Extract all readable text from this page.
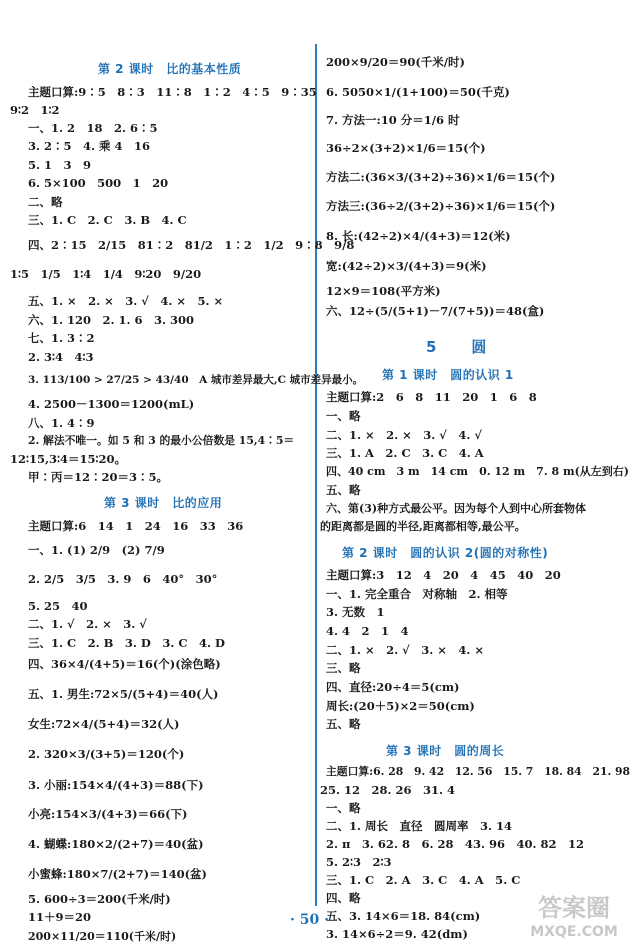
第 2 课时　比的基本性质
主题口算:9∶5　8∶3　11∶8　1∶2　4∶5　9∶35
9∶2　1∶2
一、1. 2　18　2. 6∶5
3. 2∶5　4. 乘 4　16
5. 1　3　9
6. 5×100　500　1　20
二、略
三、1. C　2. C　3. B　4. C
四、2∶15　2/15　81∶2　81/2　1∶2　1/2　9∶8　9/8
1∶5　1/5　1∶4　1/4　9∶20　9/20
五、1. ×　2. ×　3. √　4. ×　5. ×
六、1. 120　2. 1. 6　3. 300
七、1. 3∶2
2. 3∶4　4∶3
3. 113/100 > 27/25 > 43/40　A 城市差异最大,C 城市差异最小。
4. 2500－1300＝1200(mL)
八、1. 4∶9
2. 解法不唯一。如 5 和 3 的最小公倍数是 15,4∶5＝
12∶15,3∶4＝15∶20。
甲∶丙＝12∶20＝3∶5。
第 3 课时　比的应用
主题口算:6　14　1　24　16　33　36
一、1. (1) 2/9　(2) 7/9
2. 2/5　3/5　3. 9　6　40°　30°
5. 25　40
二、1. √　2. ×　3. √
三、1. C　2. B　3. D　3. C　4. D
四、36×4/(4+5)＝16(个)(涂色略)
五、1. 男生:72×5/(5+4)＝40(人)
女生:72×4/(5+4)＝32(人)
2. 320×3/(3+5)＝120(个)
3. 小丽:154×4/(4+3)＝88(下)
小亮:154×3/(4+3)＝66(下)
4. 蝴蝶:180×2/(2+7)＝40(盆)
小蜜蜂:180×7/(2+7)＝140(盆)
5. 600÷3＝200(千米/时)
11＋9＝20
200×11/20＝110(千米/时)
200×9/20＝90(千米/时)
6. 5050×1/(1+100)＝50(千克)
7. 方法一:10 分＝1/6 时
36÷2×(3+2)×1/6＝15(个)
方法二:(36×3/(3+2)÷36)×1/6＝15(个)
方法三:(36÷2/(3+2)÷36)×1/6＝15(个)
8. 长:(42÷2)×4/(4+3)＝12(米)
宽:(42÷2)×3/(4+3)＝9(米)
12×9＝108(平方米)
六、12÷(5/(5+1)－7/(7+5))＝48(盒)
5　圆
第 1 课时　圆的认识 1
主题口算:2　6　8　11　20　1　6　8
一、略
二、1. ×　2. ×　3. √　4. √
三、1. A　2. C　3. C　4. A
四、40 cm　3 m　14 cm　0. 12 m　7. 8 m(从左到右)
五、略
六、第(3)种方式最公平。因为每个人到中心所套物体
的距离都是圆的半径,距离都相等,最公平。
第 2 课时　圆的认识 2(圆的对称性)
主题口算:3　12　4　20　4　45　40　20
一、1. 完全重合　对称轴　2. 相等
3. 无数　1
4. 4　2　1　4
二、1. ×　2. √　3. ×　4. ×
三、略
四、直径:20÷4＝5(cm)
周长:(20＋5)×2＝50(cm)
五、略
第 3 课时　圆的周长
主题口算:6. 28　9. 42　12. 56　15. 7　18. 84　21. 98
25. 12　28. 26　31. 4
一、略
二、1. 周长　直径　圆周率　3. 14
2. π　3. 62. 8　6. 28　43. 96　40. 82　12
5. 2∶3　2∶3
三、1. C　2. A　3. C　4. A　5. C
四、略
五、3. 14×6＝18. 84(cm)
3. 14×6÷2＝9. 42(dm)
· 50 ·	答案圈
MXQE.COM
